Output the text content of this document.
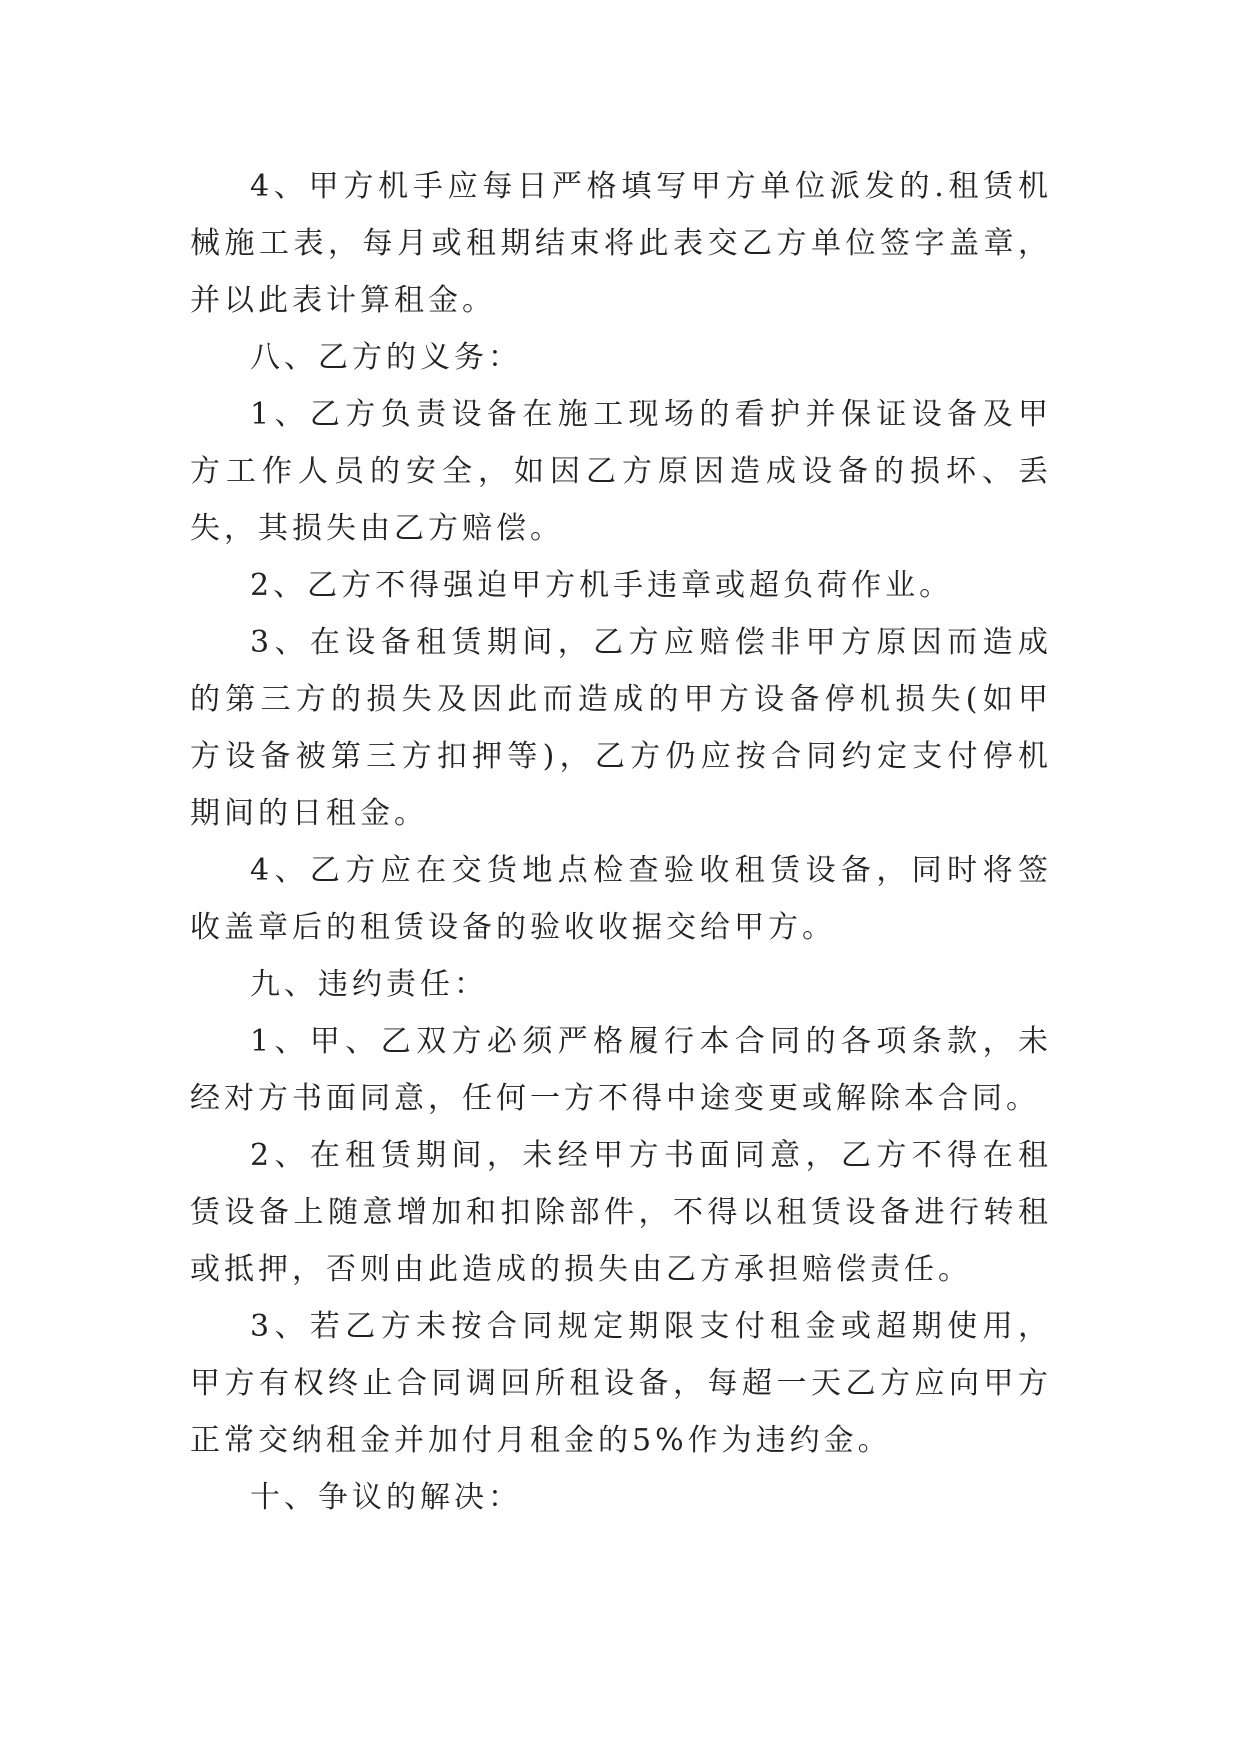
4、甲方机手应每日严格填写甲方单位派发的.租赁机械施工表，每月或租期结束将此表交乙方单位签字盖章，并以此表计算租金。

八、乙方的义务：

1、乙方负责设备在施工现场的看护并保证设备及甲方工作人员的安全，如因乙方原因造成设备的损坏、丢失，其损失由乙方赔偿。

2、乙方不得强迫甲方机手违章或超负荷作业。

3、在设备租赁期间，乙方应赔偿非甲方原因而造成的第三方的损失及因此而造成的甲方设备停机损失(如甲方设备被第三方扣押等)，乙方仍应按合同约定支付停机期间的日租金。

4、乙方应在交货地点检查验收租赁设备，同时将签收盖章后的租赁设备的验收收据交给甲方。

九、违约责任：

1、甲、乙双方必须严格履行本合同的各项条款，未经对方书面同意，任何一方不得中途变更或解除本合同。

2、在租赁期间，未经甲方书面同意，乙方不得在租赁设备上随意增加和扣除部件，不得以租赁设备进行转租或抵押，否则由此造成的损失由乙方承担赔偿责任。

3、若乙方未按合同规定期限支付租金或超期使用，甲方有权终止合同调回所租设备，每超一天乙方应向甲方正常交纳租金并加付月租金的5%作为违约金。

十、争议的解决：
